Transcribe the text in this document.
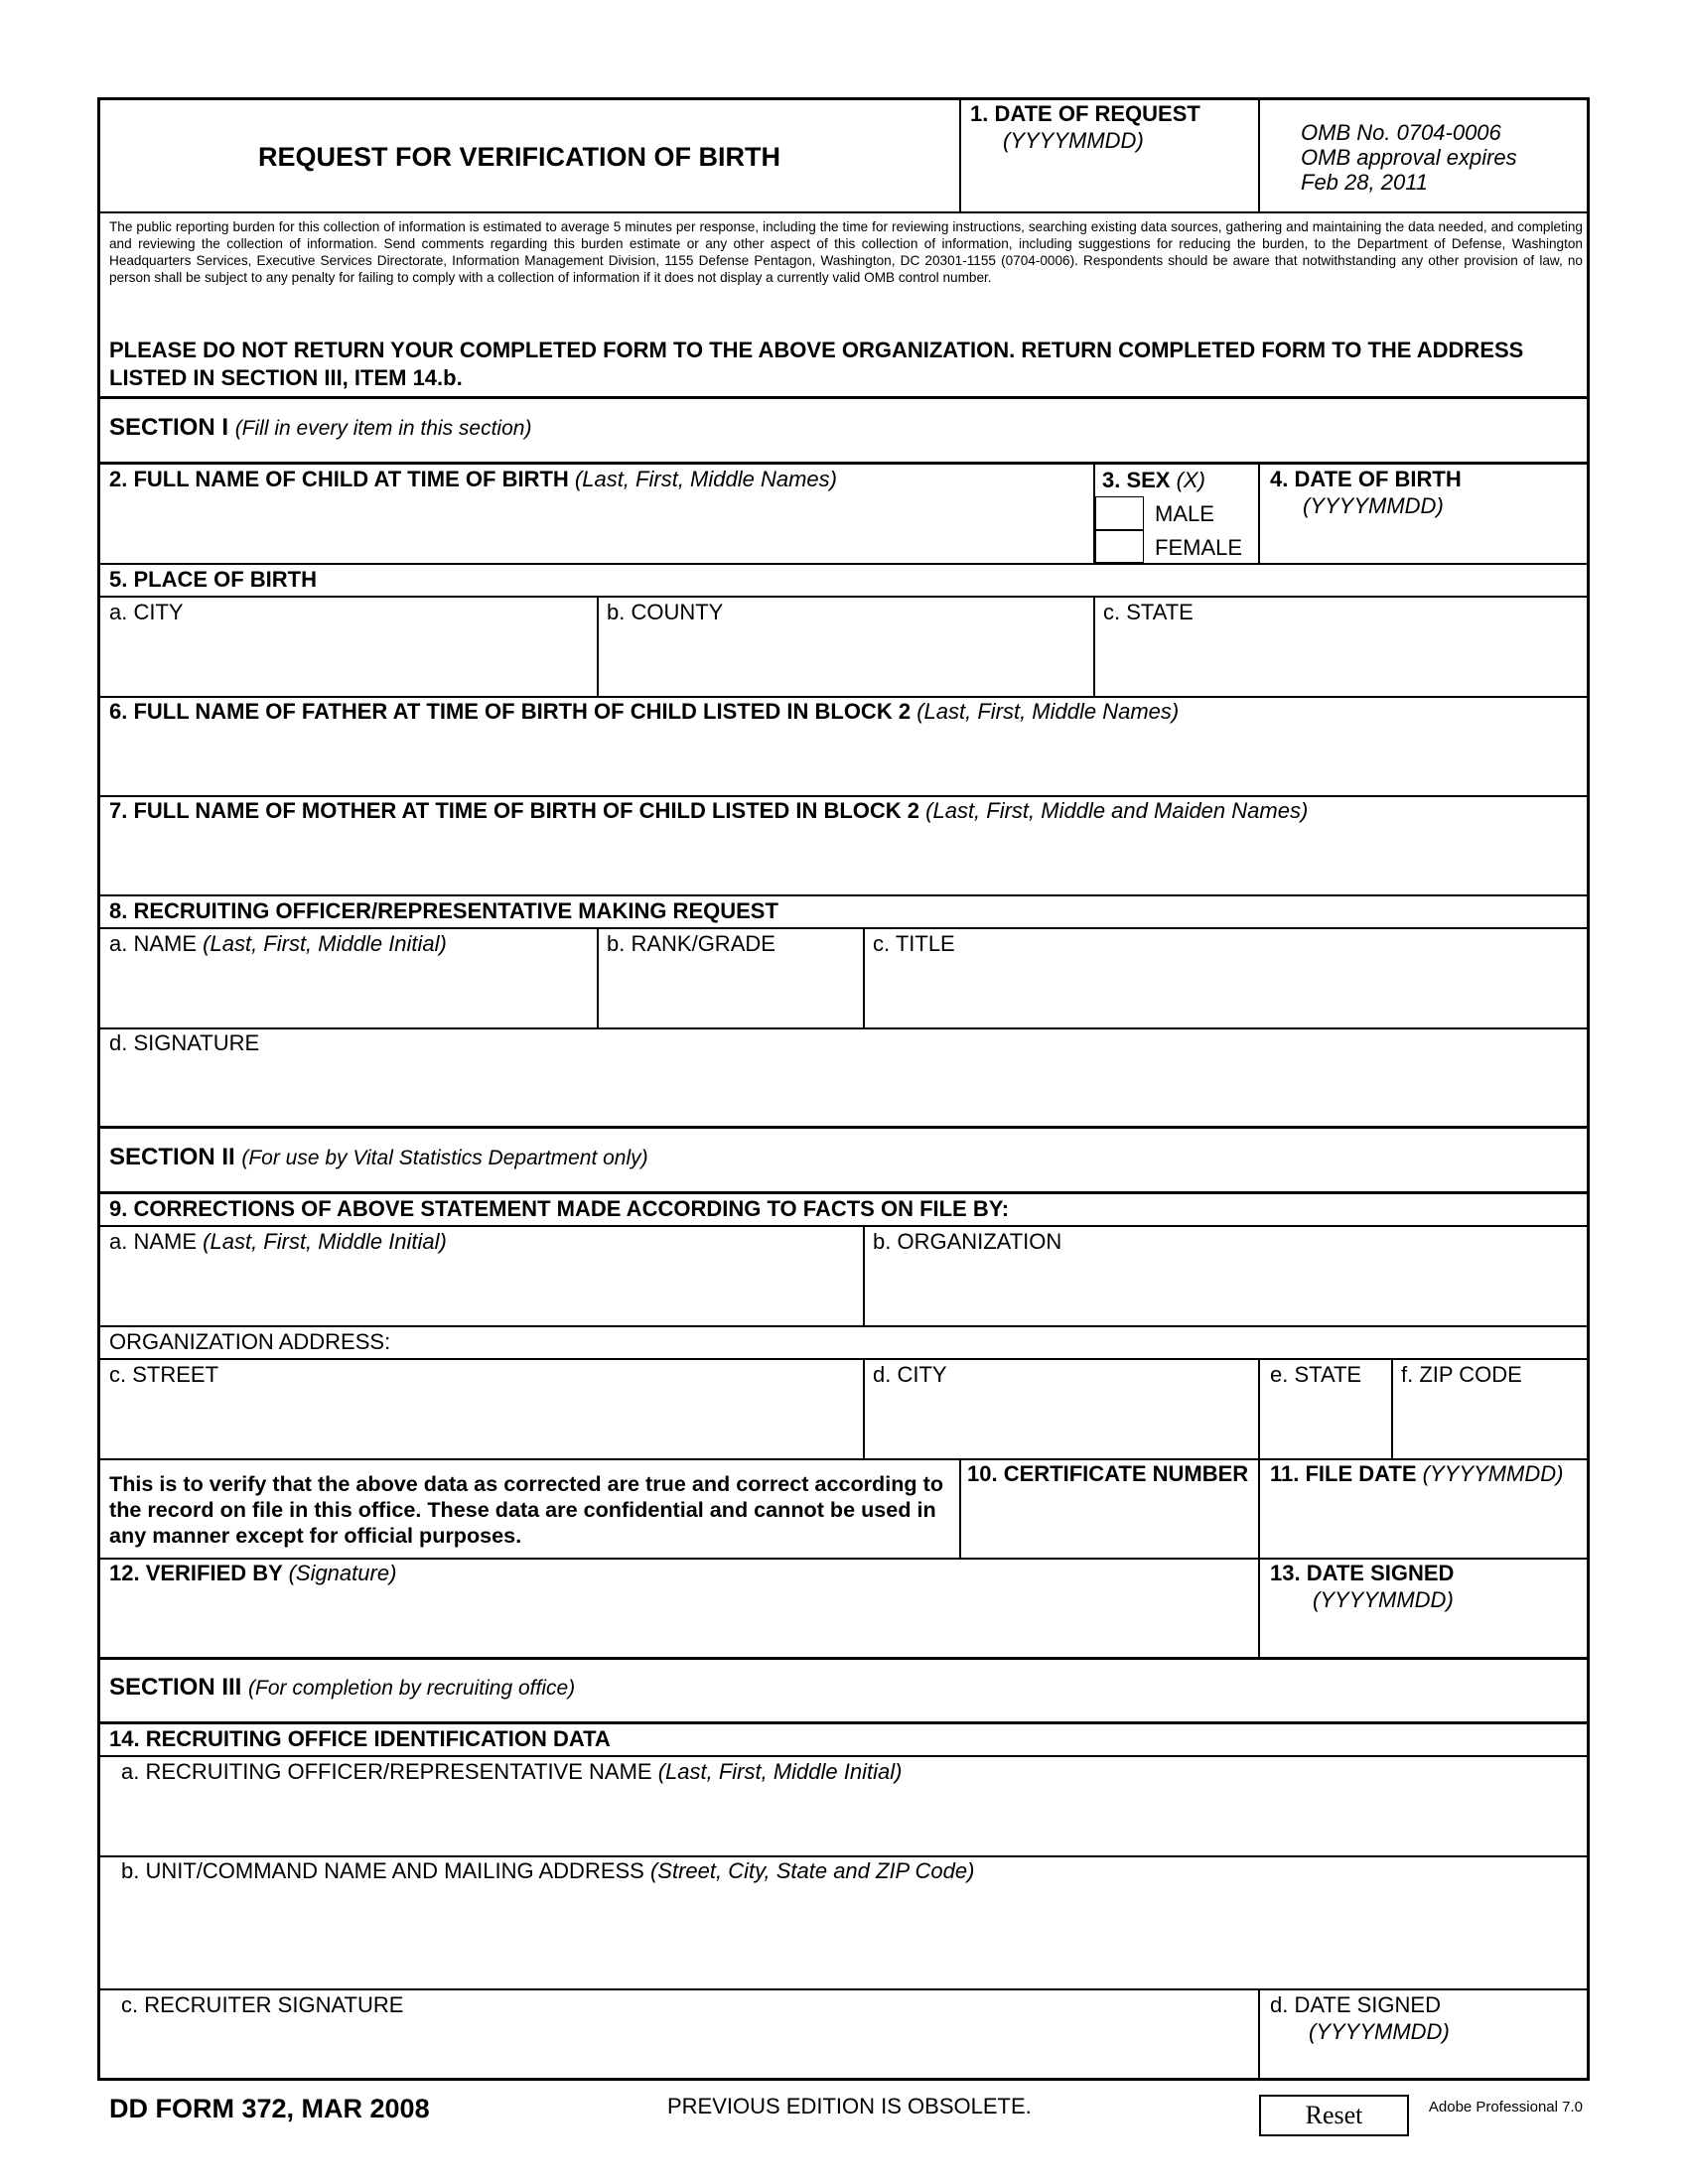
REQUEST FOR VERIFICATION OF BIRTH
1. DATE OF REQUEST
(YYYYMMDD)	OMB No. 0704-0006
OMB approval expires
Feb 28, 2011
The public reporting burden for this collection of information is estimated to average 5 minutes per response, including the time for reviewing instructions, searching existing data sources, gathering and maintaining the data needed, and completing and reviewing the collection of information. Send comments regarding this burden estimate or any other aspect of this collection of information, including suggestions for reducing the burden, to the Department of Defense, Washington Headquarters Services, Executive Services Directorate, Information Management Division, 1155 Defense Pentagon, Washington, DC 20301-1155 (0704-0006). Respondents should be aware that notwithstanding any other provision of law, no person shall be subject to any penalty for failing to comply with a collection of information if it does not display a currently valid OMB control number.
PLEASE DO NOT RETURN YOUR COMPLETED FORM TO THE ABOVE ORGANIZATION. RETURN COMPLETED FORM TO THE ADDRESS LISTED IN SECTION III, ITEM 14.b.
SECTION I (Fill in every item in this section)
2. FULL NAME OF CHILD AT TIME OF BIRTH (Last, First, Middle Names)	3. SEX (X)
MALE
FEMALE
4. DATE OF BIRTH
(YYYYMMDD)
5. PLACE OF BIRTH
a. CITY	b. COUNTY	c. STATE
6. FULL NAME OF FATHER AT TIME OF BIRTH OF CHILD LISTED IN BLOCK 2 (Last, First, Middle Names)
7. FULL NAME OF MOTHER AT TIME OF BIRTH OF CHILD LISTED IN BLOCK 2 (Last, First, Middle and Maiden Names)
8. RECRUITING OFFICER/REPRESENTATIVE MAKING REQUEST
a. NAME (Last, First, Middle Initial)	b. RANK/GRADE	c. TITLE
d. SIGNATURE
SECTION II (For use by Vital Statistics Department only)
9. CORRECTIONS OF ABOVE STATEMENT MADE ACCORDING TO FACTS ON FILE BY:
a. NAME (Last, First, Middle Initial)	b. ORGANIZATION
ORGANIZATION ADDRESS:
c. STREET	d. CITY	e. STATE f. ZIP CODE
This is to verify that the above data as corrected are true and correct according to the record on file in this office. These data are confidential and cannot be used in any manner except for official purposes.
10. CERTIFICATE NUMBER 11. FILE DATE (YYYYMMDD)
12. VERIFIED BY (Signature)	13. DATE SIGNED
(YYYYMMDD)
SECTION III (For completion by recruiting office)
14. RECRUITING OFFICE IDENTIFICATION DATA
a. RECRUITING OFFICER/REPRESENTATIVE NAME (Last, First, Middle Initial)
b. UNIT/COMMAND NAME AND MAILING ADDRESS (Street, City, State and ZIP Code)
c. RECRUITER SIGNATURE	d. DATE SIGNED
(YYYYMMDD)
DD FORM 372, MAR 2008	PREVIOUS EDITION IS OBSOLETE.	Reset	Adobe Professional 7.0
